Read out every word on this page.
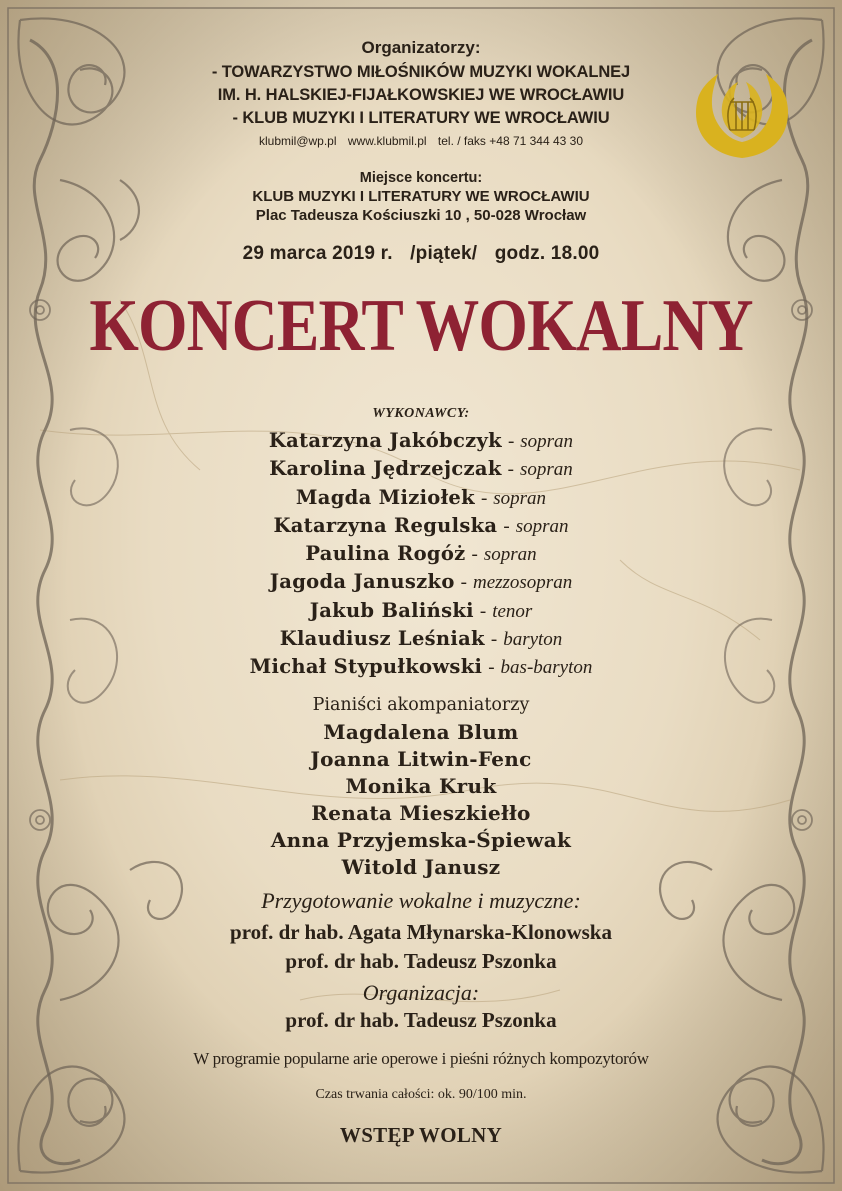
Organizatorzy:
- TOWARZYSTWO MIŁOŚNIKÓW MUZYKI WOKALNEJ
IM. H. HALSKIEJ-FIJAŁKOWSKIEJ WE WROCŁAWIU
- KLUB MUZYKI I LITERATURY WE WROCŁAWIU
klubmil@wp.pl www.klubmil.pl tel. / faks +48 71 344 43 30
Miejsce koncertu:
KLUB MUZYKI I LITERATURY WE WROCŁAWIU
Plac Tadeusza Kościuszki 10 , 50-028 Wrocław
29 marca 2019 r. /piątek/ godz. 18.00
KONCERT WOKALNY
WYKONAWCY:
Katarzyna Jakóbczyk - sopran
Karolina Jędrzejczak - sopran
Magda Miziołek - sopran
Katarzyna Regulska - sopran
Paulina Rogóż - sopran
Jagoda Januszko - mezzosopran
Jakub Baliński - tenor
Klaudiusz Leśniak - baryton
Michał Stypułkowski - bas-baryton
Pianiści akompaniatorzy
Magdalena Blum
Joanna Litwin-Fenc
Monika Kruk
Renata Mieszkiełło
Anna Przyjemska-Śpiewak
Witold Janusz
Przygotowanie wokalne i muzyczne:
prof. dr hab. Agata Młynarska-Klonowska
prof. dr hab. Tadeusz Pszonka
Organizacja:
prof. dr hab. Tadeusz Pszonka
W programie popularne arie operowe i pieśni różnych kompozytorów
Czas trwania całości: ok. 90/100 min.
WSTĘP WOLNY
